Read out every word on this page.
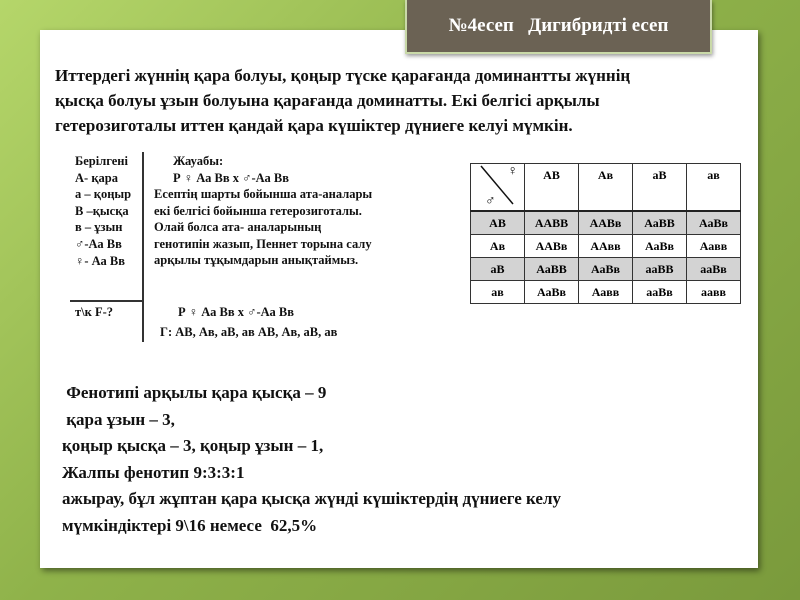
№4есеп   Дигибридті есеп
Иттердегі жүннің қара болуы, қоңыр түске қарағанда доминантты жүннің
қысқа болуы ұзын болуына қарағанда доминатты. Екі белгісі арқылы
гетерозиготалы иттен қандай қара күшіктер дүниеге келуі мүмкін.
Берілгені
А- қара
а – қоңыр
В –қысқа
в – ұзын
♂-Аа Вв
♀- Аа Вв
т\к F-?
Жауабы:
Р ♀ Аа Вв х ♂-Аа Вв
Есептің шарты бойынша ата-аналары
екі белгісі бойынша гетерозиготалы.
Олай болса ата- аналарының
генотипін жазып, Пеннет торына салу
арқылы тұқымдарын анықтаймыз.
Р ♀ Аа Вв х ♂-Аа Вв
Г: АВ, Ав, аВ, ав АВ, Ав, аВ, ав
♀
♂	АВ	Ав	аВ	ав
АВ	ААВВ	ААВв	АаВВ	АаВв
Ав	ААВв	ААвв	АаВв	Аавв
аВ	АаВВ	АаВв	ааВВ	ааВв
ав	АаВв	Аавв	ааВв	аавв
Фенотипі арқылы қара қысқа – 9
қара ұзын – 3,
қоңыр қысқа – 3, қоңыр ұзын – 1,
Жалпы фенотип 9:3:3:1
ажырау, бұл жұптан қара қысқа жүнді күшіктердің дүниеге келу
мүмкіндіктері 9\16 немесе  62,5%
